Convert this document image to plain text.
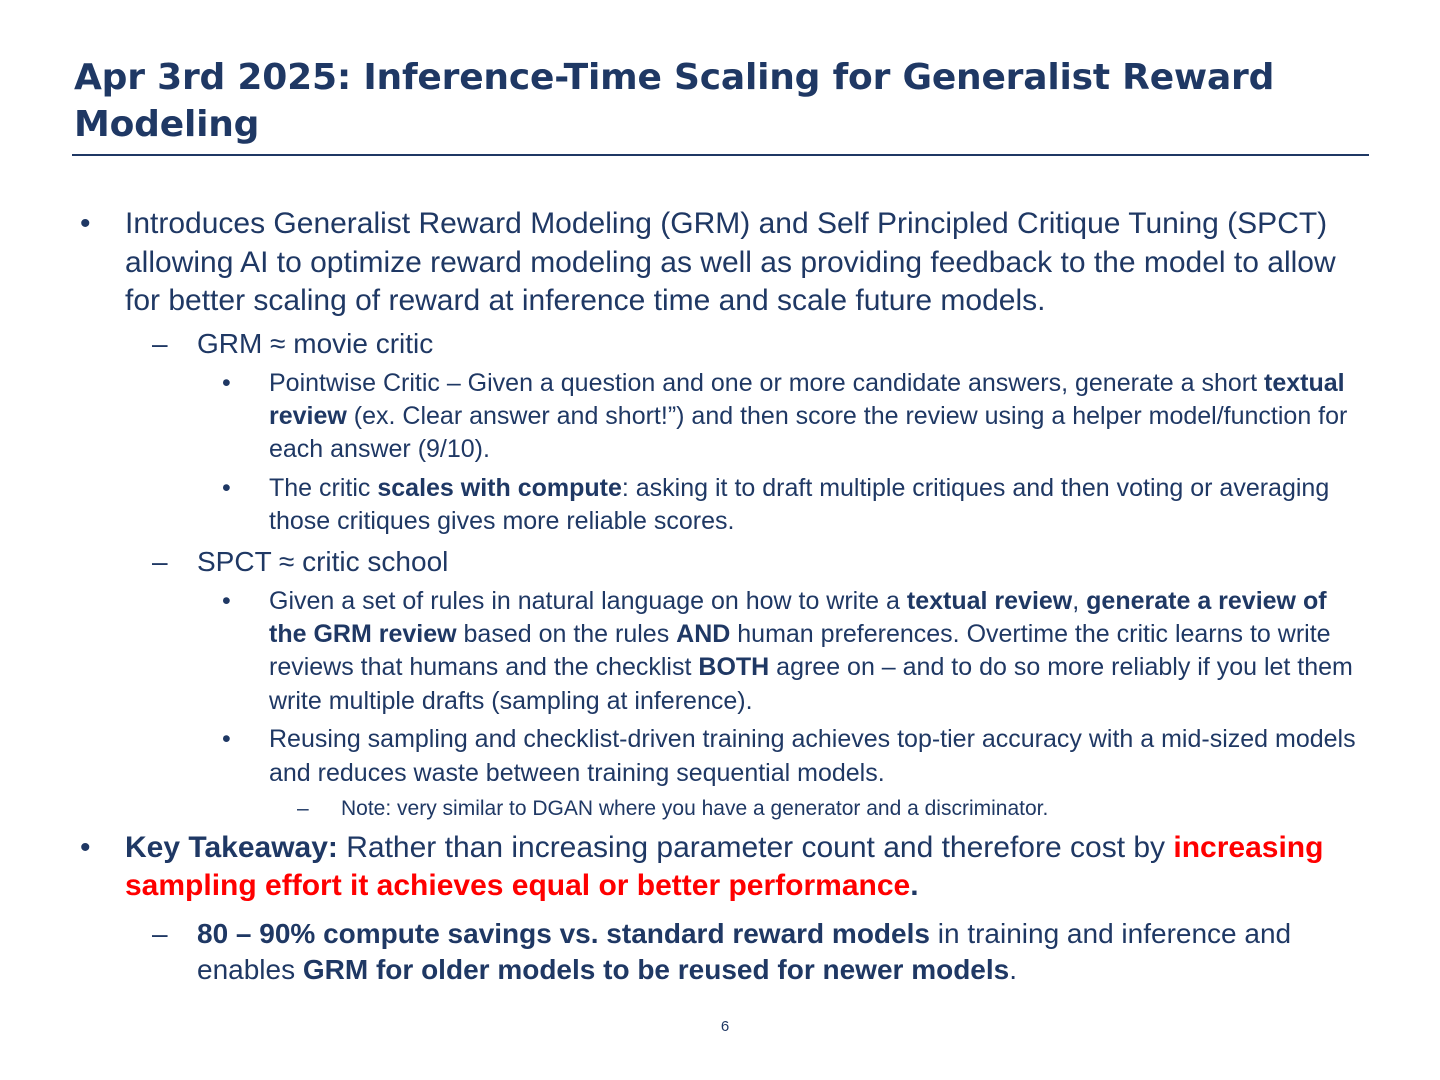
Apr 3rd 2025: Inference-Time Scaling for Generalist Reward Modeling
• Introduces Generalist Reward Modeling (GRM) and Self Principled Critique Tuning (SPCT) allowing AI to optimize reward modeling as well as providing feedback to the model to allow for better scaling of reward at inference time and scale future models.
– GRM ≈ movie critic
• Pointwise Critic – Given a question and one or more candidate answers, generate a short textual review (ex. Clear answer and short!”) and then score the review using a helper model/function for each answer (9/10).
• The critic scales with compute: asking it to draft multiple critiques and then voting or averaging those critiques gives more reliable scores.
– SPCT ≈ critic school
• Given a set of rules in natural language on how to write a textual review, generate a review of the GRM review based on the rules AND human preferences. Overtime the critic learns to write reviews that humans and the checklist BOTH agree on – and to do so more reliably if you let them write multiple drafts (sampling at inference).
• Reusing sampling and checklist-driven training achieves top-tier accuracy with a mid-sized models and reduces waste between training sequential models.
– Note: very similar to DGAN where you have a generator and a discriminator.
• Key Takeaway: Rather than increasing parameter count and therefore cost by increasing sampling effort it achieves equal or better performance.
– 80 – 90% compute savings vs. standard reward models in training and inference and enables GRM for older models to be reused for newer models.
6
